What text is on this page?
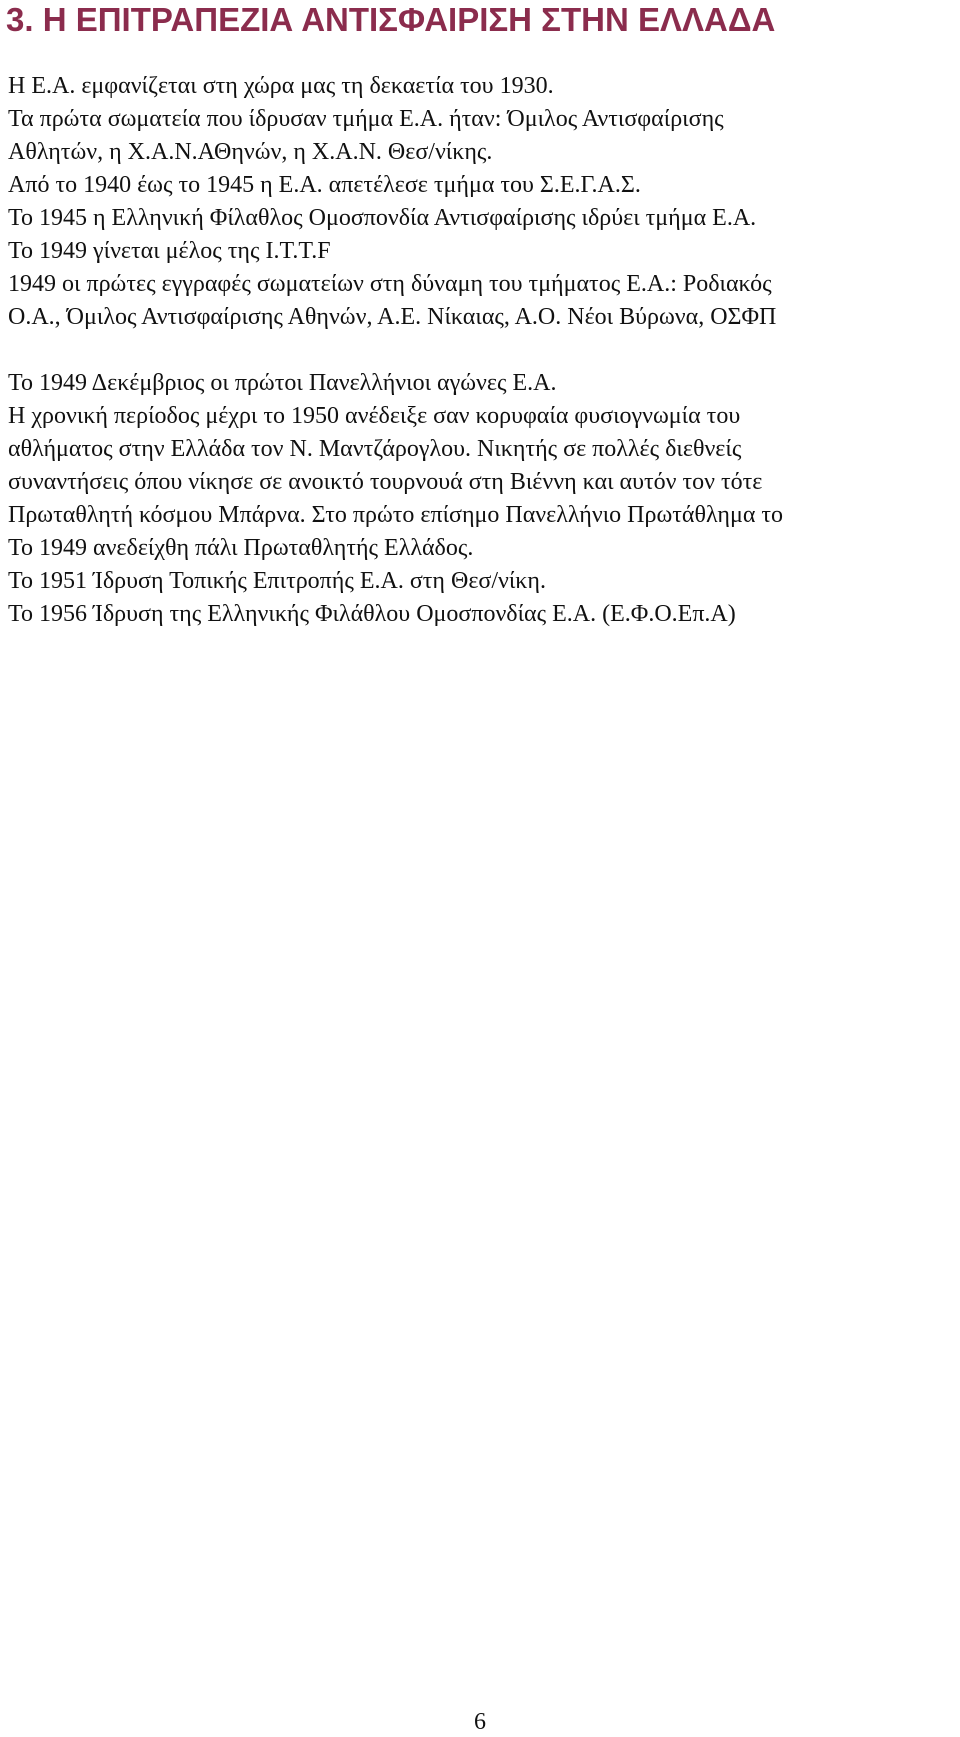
3. Η ΕΠΙΤΡΑΠΕΖΙΑ ΑΝΤΙΣΦΑΙΡΙΣΗ ΣΤΗΝ ΕΛΛΑΔΑ
Η Ε.Α. εμφανίζεται στη χώρα μας τη δεκαετία του 1930.
Τα πρώτα σωματεία που ίδρυσαν τμήμα Ε.Α. ήταν: Όμιλος Αντισφαίρισης
Αθλητών, η Χ.Α.Ν.ΑΘηνών, η Χ.Α.Ν. Θεσ/νίκης.
Από το 1940 έως το 1945 η Ε.Α. απετέλεσε τμήμα του Σ.Ε.Γ.Α.Σ.
Το 1945 η Ελληνική Φίλαθλος Ομοσπονδία Αντισφαίρισης ιδρύει τμήμα Ε.Α.
Το 1949 γίνεται μέλος της Ι.Τ.Τ.F
1949 οι πρώτες εγγραφές σωματείων στη δύναμη του τμήματος Ε.Α.: Ροδιακός
Ο.Α., Όμιλος Αντισφαίρισης Αθηνών, Α.Ε. Νίκαιας, Α.Ο. Νέοι Βύρωνα, ΟΣΦΠ
Το 1949 Δεκέμβριος οι πρώτοι Πανελλήνιοι αγώνες Ε.Α.
Η χρονική περίοδος μέχρι το 1950 ανέδειξε σαν κορυφαία φυσιογνωμία του
αθλήματος στην Ελλάδα τον Ν. Μαντζάρογλου. Νικητής σε πολλές διεθνείς
συναντήσεις όπου νίκησε σε ανοικτό τουρνουά στη Βιέννη και αυτόν τον τότε
Πρωταθλητή κόσμου Μπάρνα. Στο πρώτο επίσημο Πανελλήνιο Πρωτάθλημα το
Το 1949 ανεδείχθη πάλι Πρωταθλητής Ελλάδος.
Το 1951 Ίδρυση Τοπικής Επιτροπής Ε.Α. στη Θεσ/νίκη.
Το 1956 Ίδρυση της Ελληνικής Φιλάθλου Ομοσπονδίας Ε.Α. (Ε.Φ.Ο.Επ.Α)
6
